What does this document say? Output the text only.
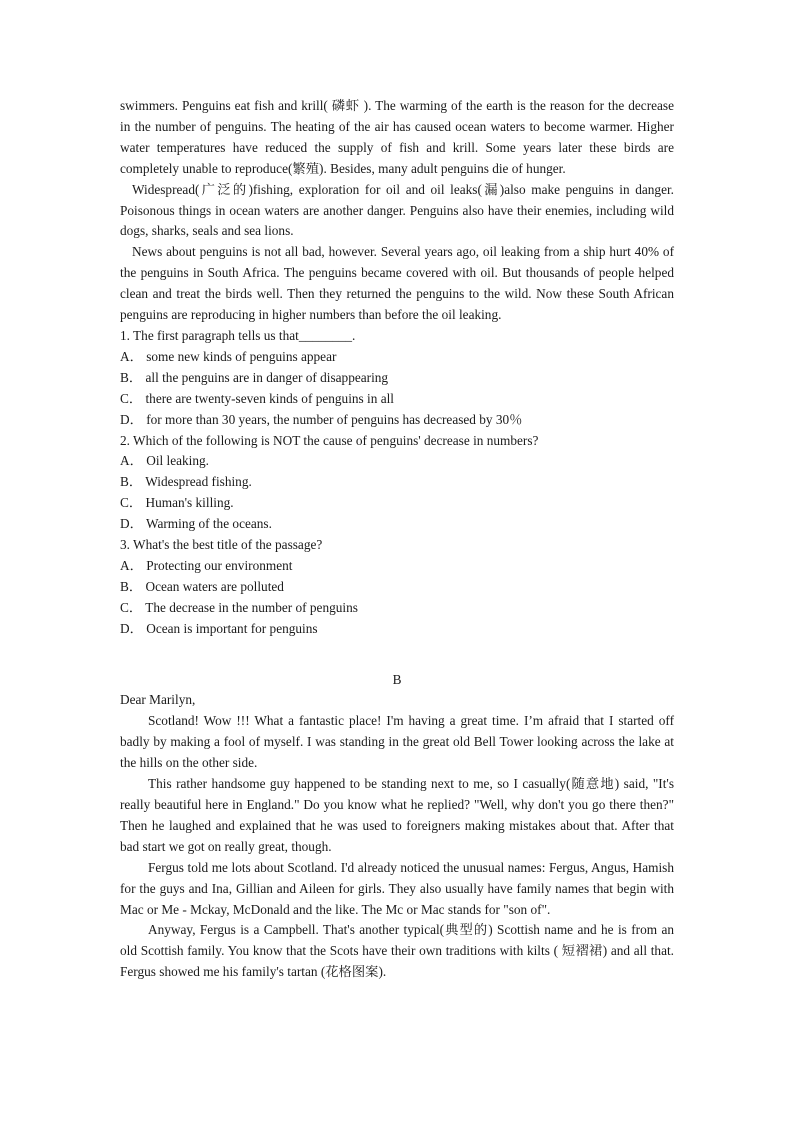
swimmers. Penguins eat fish and krill( 磷虾 ). The warming of the earth is the reason for the decrease in the number of penguins. The heating of the air has caused ocean waters to become warmer. Higher water temperatures have reduced the supply of fish and krill. Some years later these birds are completely unable to reproduce(繁殖). Besides, many adult penguins die of hunger.

Widespread(广泛的)fishing, exploration for oil and oil leaks(漏)also make penguins in danger. Poisonous things in ocean waters are another danger. Penguins also have their enemies, including wild dogs, sharks, seals and sea lions.

News about penguins is not all bad, however. Several years ago, oil leaking from a ship hurt 40% of the penguins in South Africa. The penguins became covered with oil. But thousands of people helped clean and treat the birds well. Then they returned the penguins to the wild. Now these South African penguins are reproducing in higher numbers than before the oil leaking.

1. The first paragraph tells us that________.

A． some new kinds of penguins appear

B． all the penguins are in danger of disappearing

C． there are twenty-seven kinds of penguins in all

D． for more than 30 years, the number of penguins has decreased by 30％

2. Which of the following is NOT the cause of penguins' decrease in numbers?

A． Oil leaking.

B． Widespread fishing.

C． Human's killing.

D． Warming of the oceans.

3. What's the best title of the passage?

A． Protecting our environment

B． Ocean waters are polluted

C． The decrease in the number of penguins

D． Ocean is important for penguins

B

Dear Marilyn,

Scotland! Wow !!! What a fantastic place! I'm having a great time. I’m afraid that I started off badly by making a fool of myself. I was standing in the great old Bell Tower looking across the lake at the hills on the other side.

This rather handsome guy happened to be standing next to me, so I casually(随意地) said, "It's really beautiful here in England." Do you know what he replied? "Well, why don't you go there then?" Then he laughed and explained that he was used to foreigners making mistakes about that. After that bad start we got on really great, though.

Fergus told me lots about Scotland. I'd already noticed the unusual names: Fergus, Angus, Hamish for the guys and Ina, Gillian and Aileen for girls. They also usually have family names that begin with Mac or Me - Mckay, McDonald and the like. The Mc or Mac stands for "son of".

Anyway, Fergus is a Campbell. That's another typical(典型的) Scottish name and he is from an old Scottish family. You know that the Scots have their own traditions with kilts ( 短褶裙) and all that. Fergus showed me his family's tartan (花格图案).
